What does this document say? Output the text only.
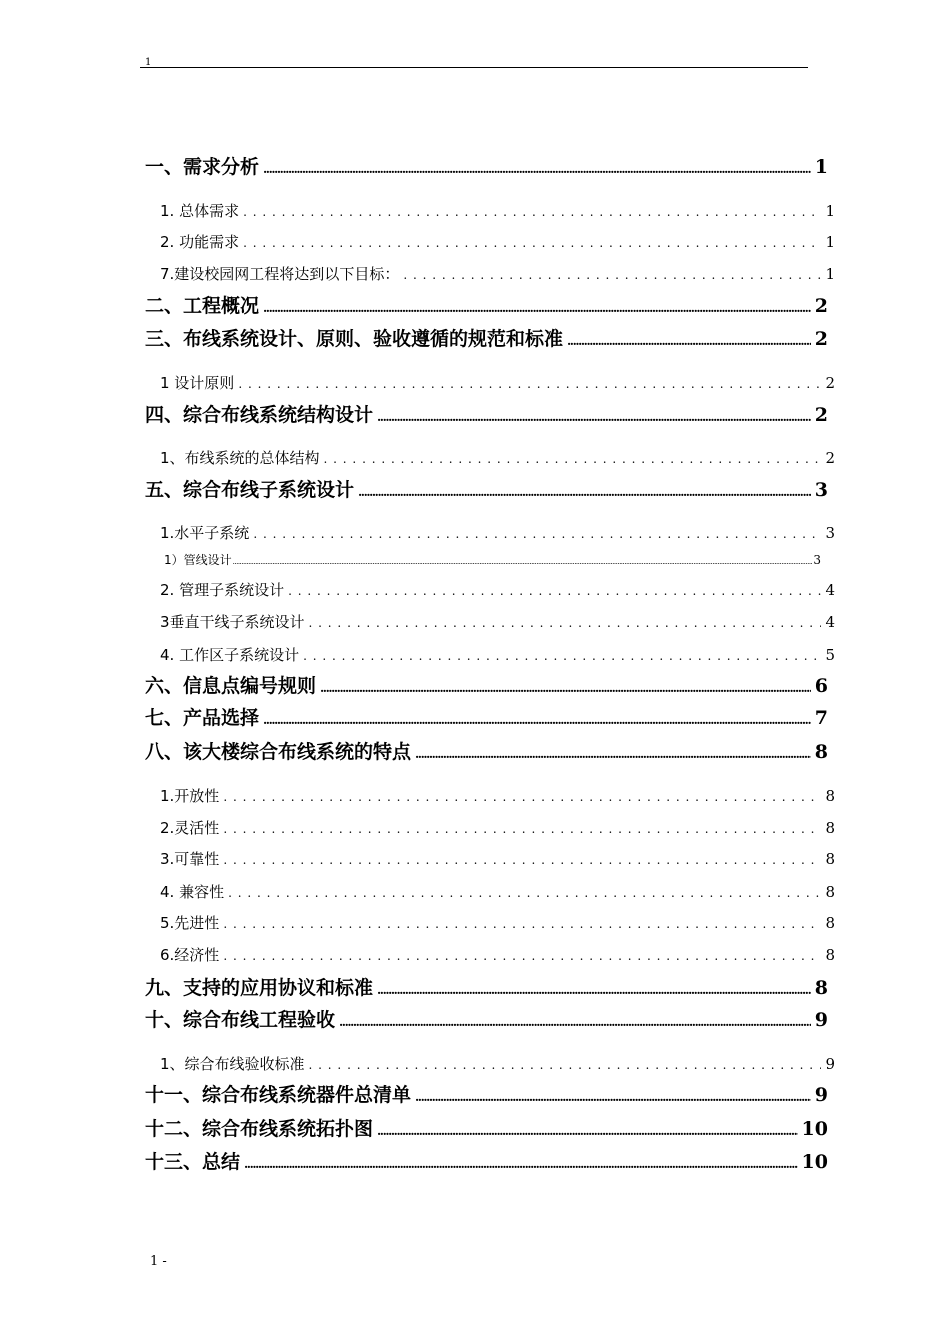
1
一、需求分析 .....	1
1. 总体需求 . . .	1
2. 功能需求 . . .	1
7.建设校园网工程将达到以下目标： . . .	1
二、工程概况 .....	2
三、布线系统设计、原则、验收遵循的规范和标准 .....	2
1 设计原则 . . .	2
四、综合布线系统结构设计 .....	2
1、布线系统的总体结构 . . .	2
五、综合布线子系统设计 .....	3
1.水平子系统 . . .	3
1）管线设计 .....	3
2. 管理子系统设计 . . .	4
3垂直干线子系统设计 . . .	4
4. 工作区子系统设计 . . .	5
六、信息点编号规则 .....	6
七、产品选择 .....	7
八、该大楼综合布线系统的特点 .....	8
1.开放性 . . .	8
2.灵活性 . . .	8
3.可靠性 . . .	8
4. 兼容性 . . .	8
5.先进性 . . .	8
6.经济性 . . .	8
九、支持的应用协议和标准 .....	8
十、综合布线工程验收 .....	9
1、综合布线验收标准 . . .	9
十一、综合布线系统器件总清单 .....	9
十二、综合布线系统拓扑图 .....	10
十三、总结 .....	10
1 -
